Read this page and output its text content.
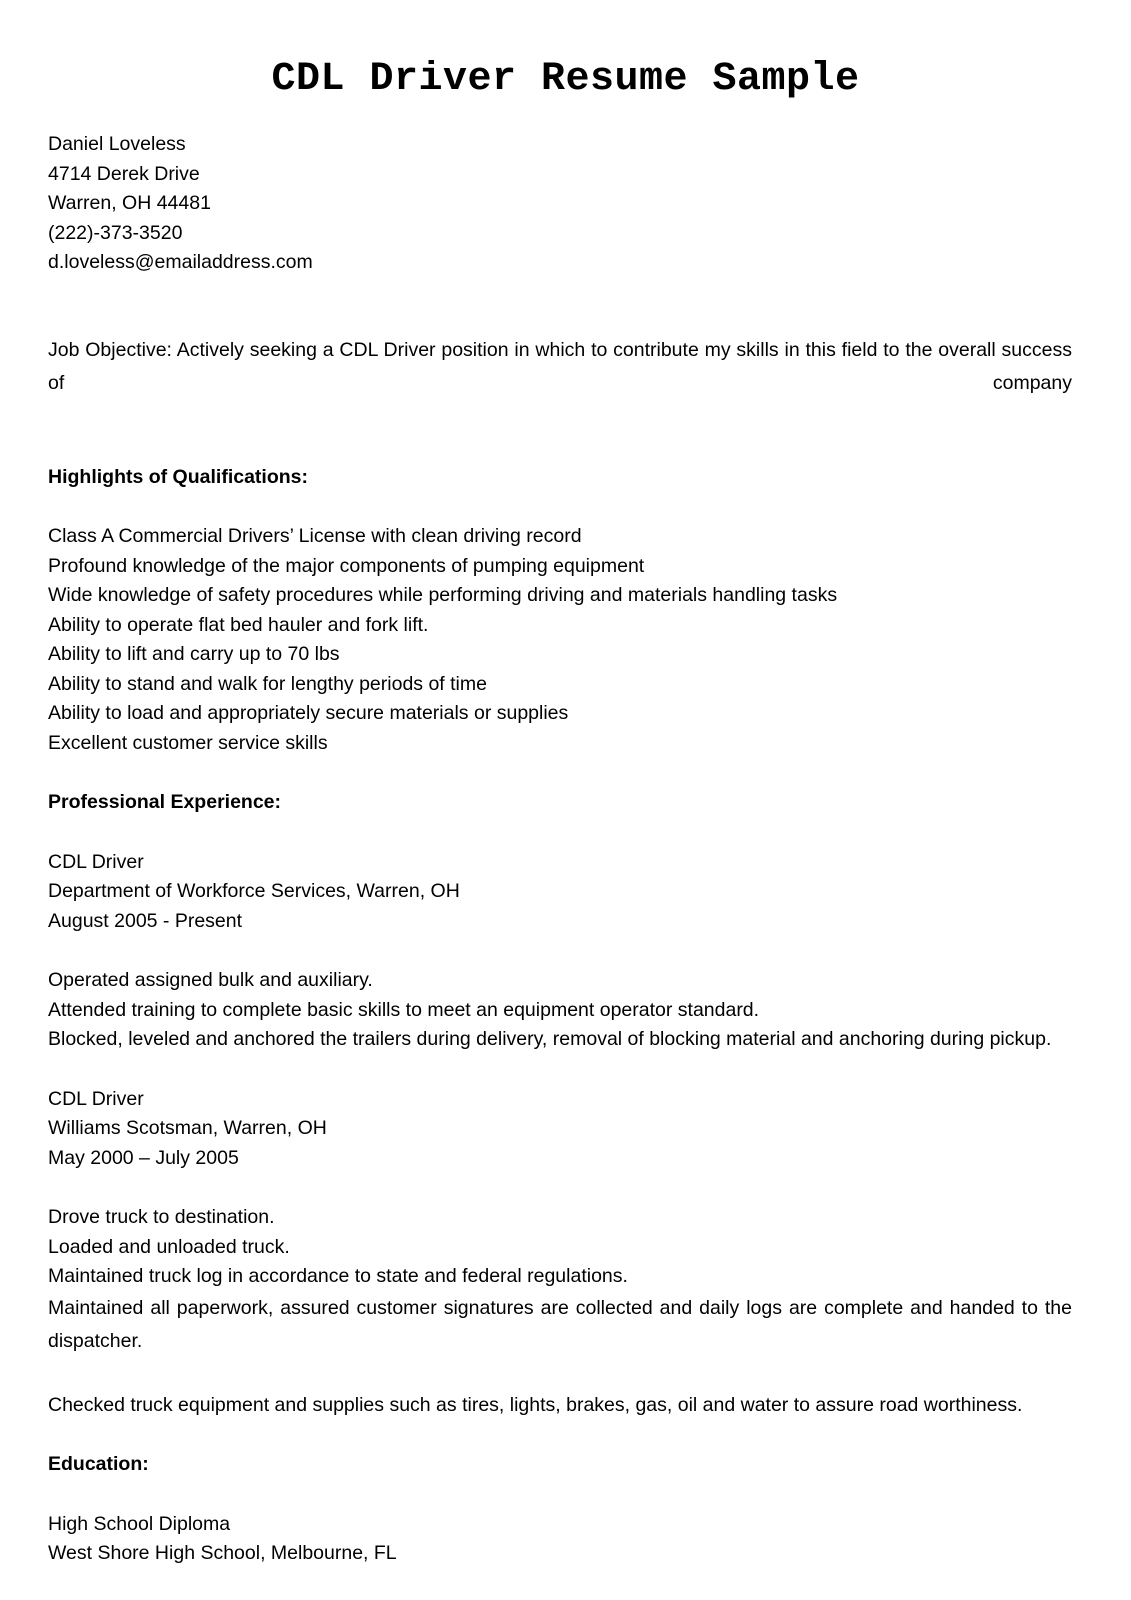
CDL Driver Resume Sample
Daniel Loveless
4714 Derek Drive
Warren, OH 44481
(222)-373-3520
d.loveless@emailaddress.com
Job Objective: Actively seeking a CDL Driver position in which to contribute my skills in this field to the overall success of company
Highlights of Qualifications:
Class A Commercial Drivers’ License with clean driving record
Profound knowledge of the major components of pumping equipment
Wide knowledge of safety procedures while performing driving and materials handling tasks
Ability to operate flat bed hauler and fork lift.
Ability to lift and carry up to 70 lbs
Ability to stand and walk for lengthy periods of time
Ability to load and appropriately secure materials or supplies
Excellent customer service skills
Professional Experience:
CDL Driver
Department of Workforce Services, Warren, OH
August 2005 - Present
Operated assigned bulk and auxiliary.
Attended training to complete basic skills to meet an equipment operator standard.
Blocked, leveled and anchored the trailers during delivery, removal of blocking material and anchoring during pickup.
CDL Driver
Williams Scotsman, Warren, OH
May 2000 – July 2005
Drove truck to destination.
Loaded and unloaded truck.
Maintained truck log in accordance to state and federal regulations.
Maintained all paperwork, assured customer signatures are collected and daily logs are complete and handed to the dispatcher.
Checked truck equipment and supplies such as tires, lights, brakes, gas, oil and water to assure road worthiness.
Education:
High School Diploma
West Shore High School, Melbourne, FL
